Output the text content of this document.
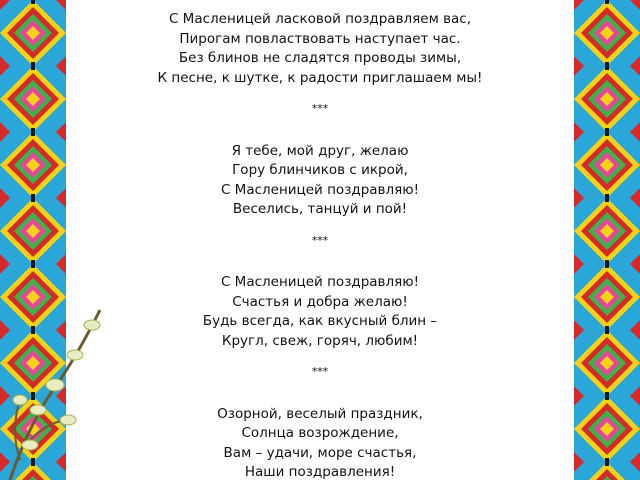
С Масленицей ласковой поздравляем вас,
Пирогам повластвовать наступает час.
Без блинов не сладятся проводы зимы,
К песне, к шутке, к радости приглашаем мы!
***
Я тебе, мой друг, желаю
Гору блинчиков с икрой,
С Масленицей поздравляю!
Веселись, танцуй и пой!
***
С Масленицей поздравляю!
Счастья и добра желаю!
Будь всегда, как вкусный блин –
Кругл, свеж, горяч, любим!
***
Озорной, веселый праздник,
Солнца возрождение,
Вам – удачи, море счастья,
Наши поздравления!
